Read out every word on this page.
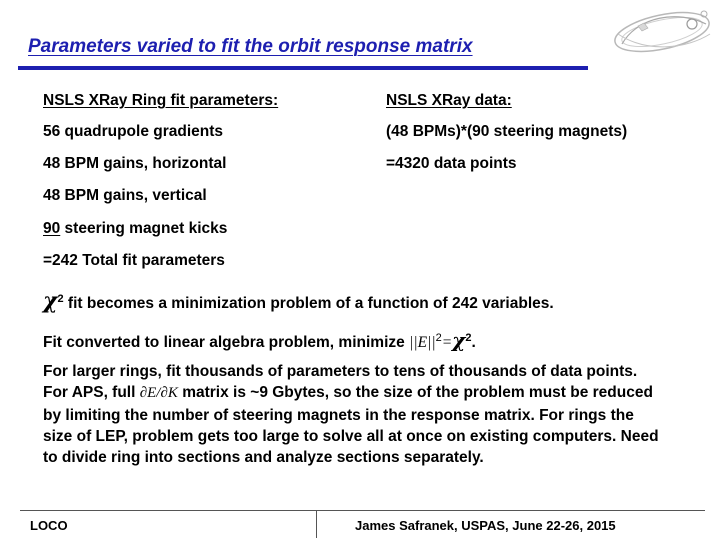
Parameters varied to fit the orbit response matrix
NSLS XRay Ring fit parameters:	NSLS XRay data:
56 quadrupole gradients	(48 BPMs)*(90 steering magnets)
48 BPM gains, horizontal	=4320 data points
48 BPM gains, vertical
90 steering magnet kicks
=242 Total fit parameters
$\chi^2$ fit becomes a minimization problem of a function of 242 variables.
Fit converted to linear algebra problem, minimize $||E||^2=\chi^2$.
For larger rings, fit thousands of parameters to tens of thousands of data points. For APS, full ∂E/∂K matrix is ~9 Gbytes, so the size of the problem must be reduced by limiting the number of steering magnets in the response matrix. For rings the size of LEP, problem gets too large to solve all at once on existing computers. Need to divide ring into sections and analyze sections separately.
LOCO	James Safranek, USPAS, June 22-26, 2015
